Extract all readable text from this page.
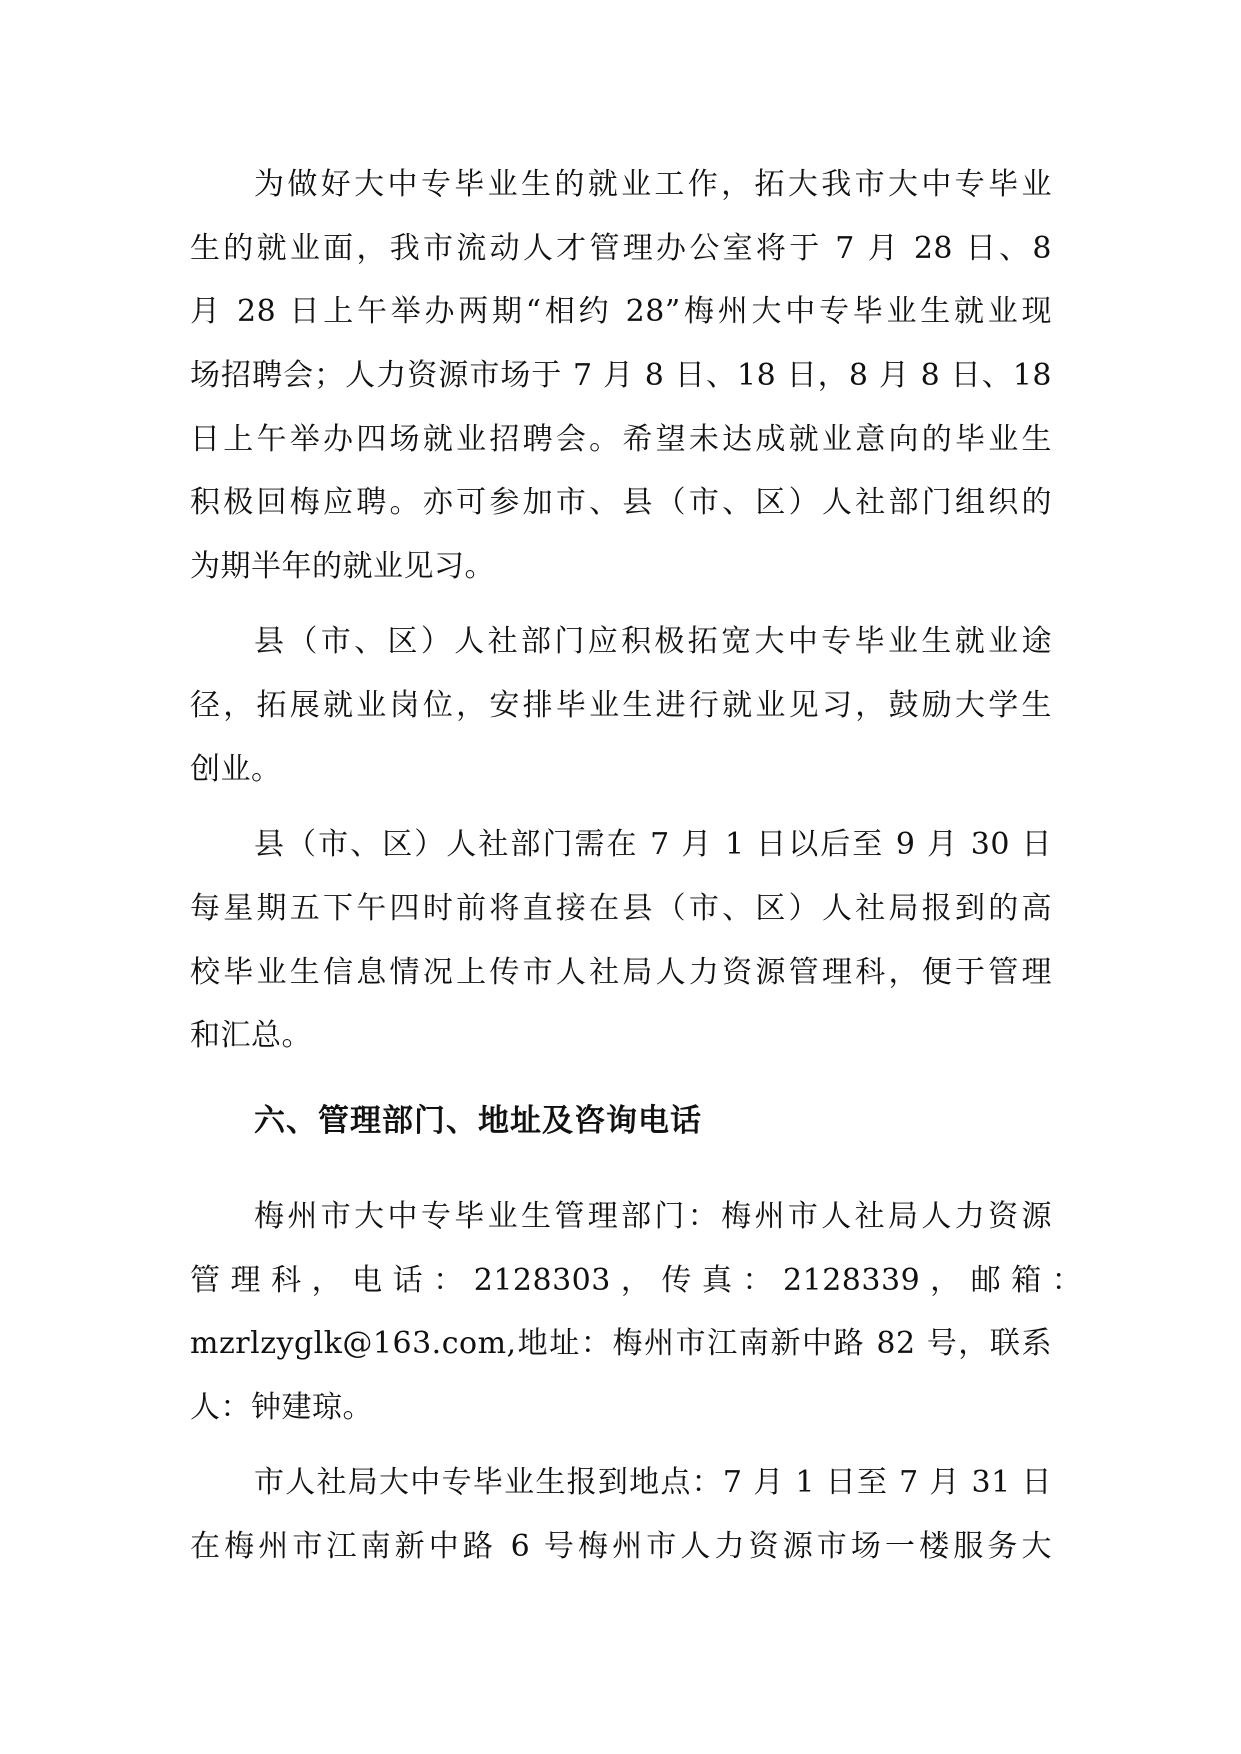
为做好大中专毕业生的就业工作，拓大我市大中专毕业
生的就业面，我市流动人才管理办公室将于 7 月 28 日、8
月 28 日上午举办两期“相约 28”梅州大中专毕业生就业现
场招聘会；人力资源市场于 7 月 8 日、18 日，8 月 8 日、18
日上午举办四场就业招聘会。希望未达成就业意向的毕业生
积极回梅应聘。亦可参加市、县（市、区）人社部门组织的
为期半年的就业见习。
县（市、区）人社部门应积极拓宽大中专毕业生就业途
径，拓展就业岗位，安排毕业生进行就业见习，鼓励大学生
创业。
县（市、区）人社部门需在 7 月 1 日以后至 9 月 30 日
每星期五下午四时前将直接在县（市、区）人社局报到的高
校毕业生信息情况上传市人社局人力资源管理科，便于管理
和汇总。
六、管理部门、地址及咨询电话
梅州市大中专毕业生管理部门：梅州市人社局人力资源
管 理 科 ， 电 话 ： 2128303 ， 传 真 ： 2128339 ， 邮 箱 ：
mzrlzyglk@163.com,地址：梅州市江南新中路 82 号，联系
人：钟建琼。
市人社局大中专毕业生报到地点：7 月 1 日至 7 月 31 日
在梅州市江南新中路 6 号梅州市人力资源市场一楼服务大
